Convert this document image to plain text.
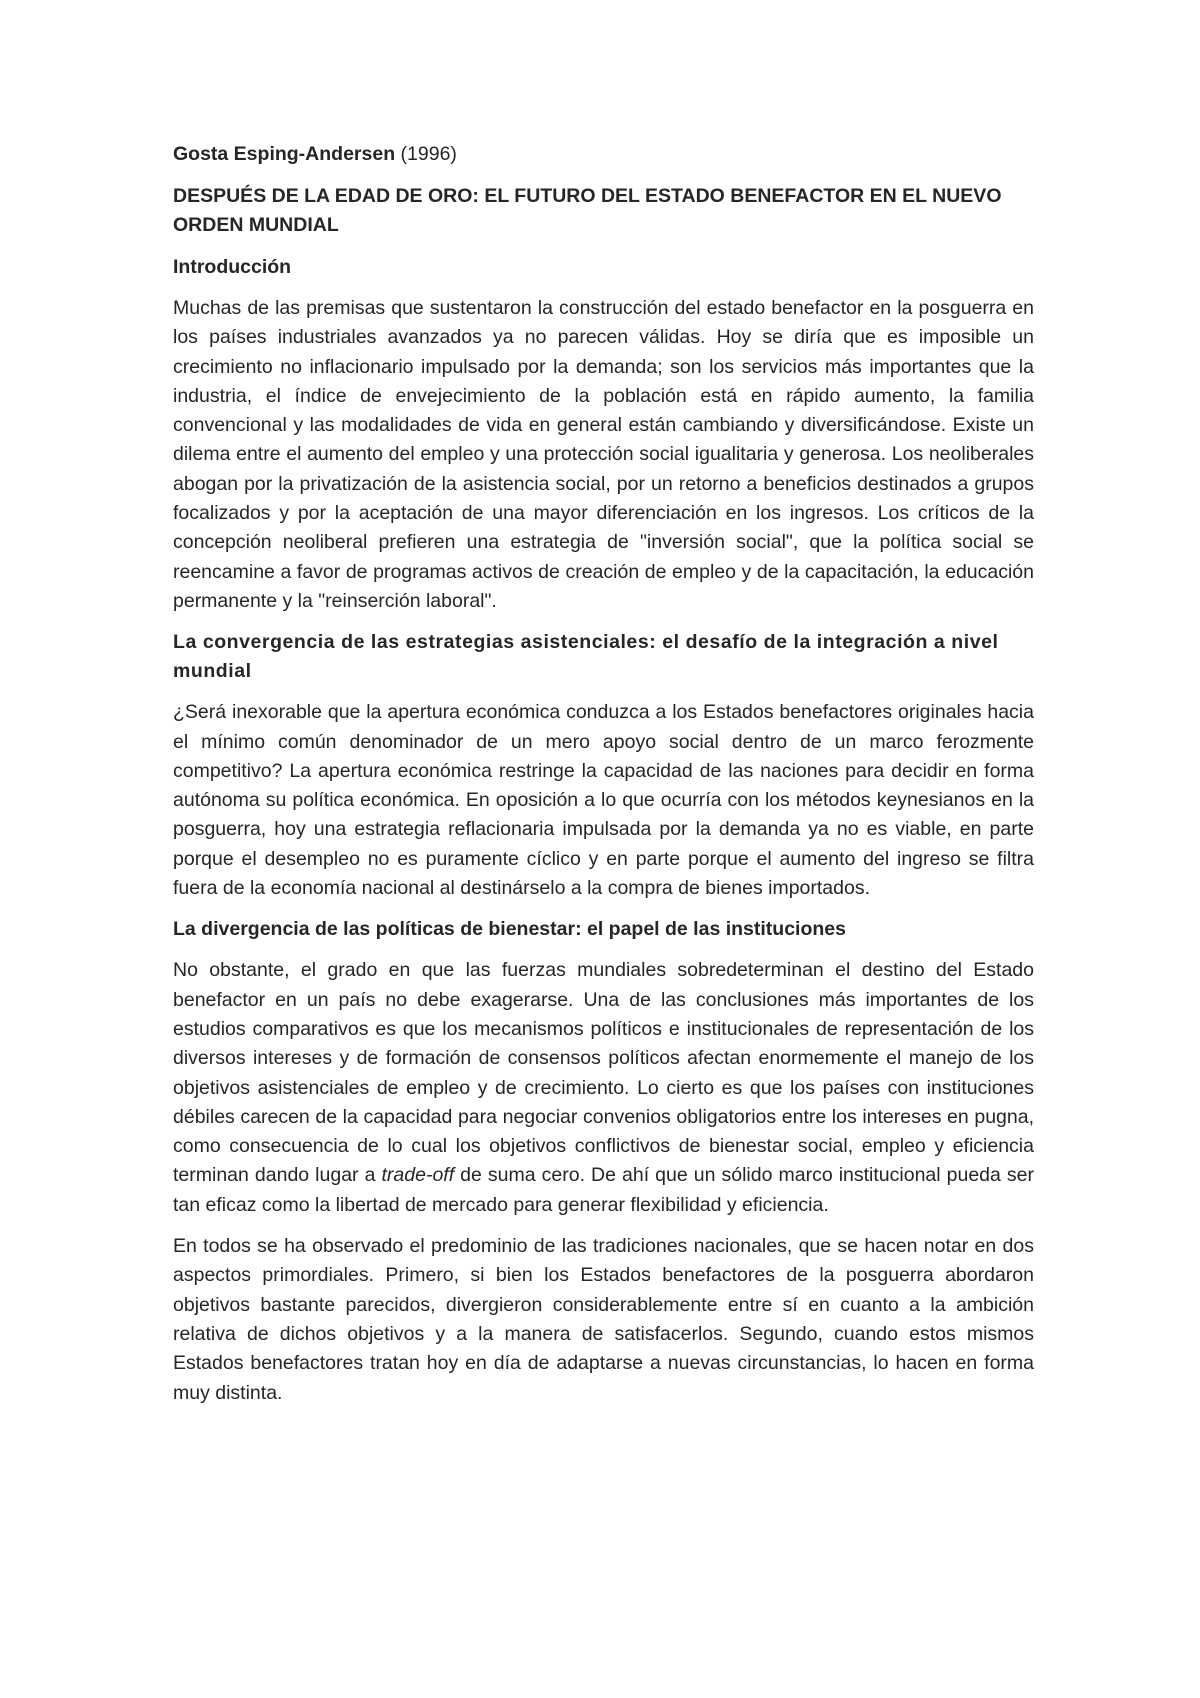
Gosta Esping-Andersen (1996)

DESPUÉS DE LA EDAD DE ORO: EL FUTURO DEL ESTADO BENEFACTOR EN EL NUEVO ORDEN MUNDIAL
Introducción

Muchas de las premisas que sustentaron la construcción del estado benefactor en la posguerra en los países industriales avanzados ya no parecen válidas. Hoy se diría que es imposible un crecimiento no inflacionario impulsado por la demanda; son los servicios más importantes que la industria, el índice de envejecimiento de la población está en rápido aumento, la familia convencional y las modalidades de vida en general están cambiando y diversificándose. Existe un dilema entre el aumento del empleo y una protección social igualitaria y generosa. Los neoliberales abogan por la privatización de la asistencia social, por un retorno a beneficios destinados a grupos focalizados y por la aceptación de una mayor diferenciación en los ingresos. Los críticos de la concepción neoliberal prefieren una estrategia de "inversión social", que la política social se reencamine a favor de programas activos de creación de empleo y de la capacitación, la educación permanente y la "reinserción laboral".

La convergencia de las estrategias asistenciales: el desafío de la integración a nivel mundial

¿Será inexorable que la apertura económica conduzca a los Estados benefactores originales hacia el mínimo común denominador de un mero apoyo social dentro de un marco ferozmente competitivo? La apertura económica restringe la capacidad de las naciones para decidir en forma autónoma su política económica. En oposición a lo que ocurría con los métodos keynesianos en la posguerra, hoy una estrategia reflacionaria impulsada por la demanda ya no es viable, en parte porque el desempleo no es puramente cíclico y en parte porque el aumento del ingreso se filtra fuera de la economía nacional al destinárselo a la compra de bienes importados.

La divergencia de las políticas de bienestar: el papel de las instituciones

No obstante, el grado en que las fuerzas mundiales sobredeterminan el destino del Estado benefactor en un país no debe exagerarse. Una de las conclusiones más importantes de los estudios comparativos es que los mecanismos políticos e institucionales de representación de los diversos intereses y de formación de consensos políticos afectan enormemente el manejo de los objetivos asistenciales de empleo y de crecimiento. Lo cierto es que los países con instituciones débiles carecen de la capacidad para negociar convenios obligatorios entre los intereses en pugna, como consecuencia de lo cual los objetivos conflictivos de bienestar social, empleo y eficiencia terminan dando lugar a trade-off de suma cero. De ahí que un sólido marco institucional pueda ser tan eficaz como la libertad de mercado para generar flexibilidad y eficiencia.

En todos se ha observado el predominio de las tradiciones nacionales, que se hacen notar en dos aspectos primordiales. Primero, si bien los Estados benefactores de la posguerra abordaron objetivos bastante parecidos, divergieron considerablemente entre sí en cuanto a la ambición relativa de dichos objetivos y a la manera de satisfacerlos. Segundo, cuando estos mismos Estados benefactores tratan hoy en día de adaptarse a nuevas circunstancias, lo hacen en forma muy distinta.
